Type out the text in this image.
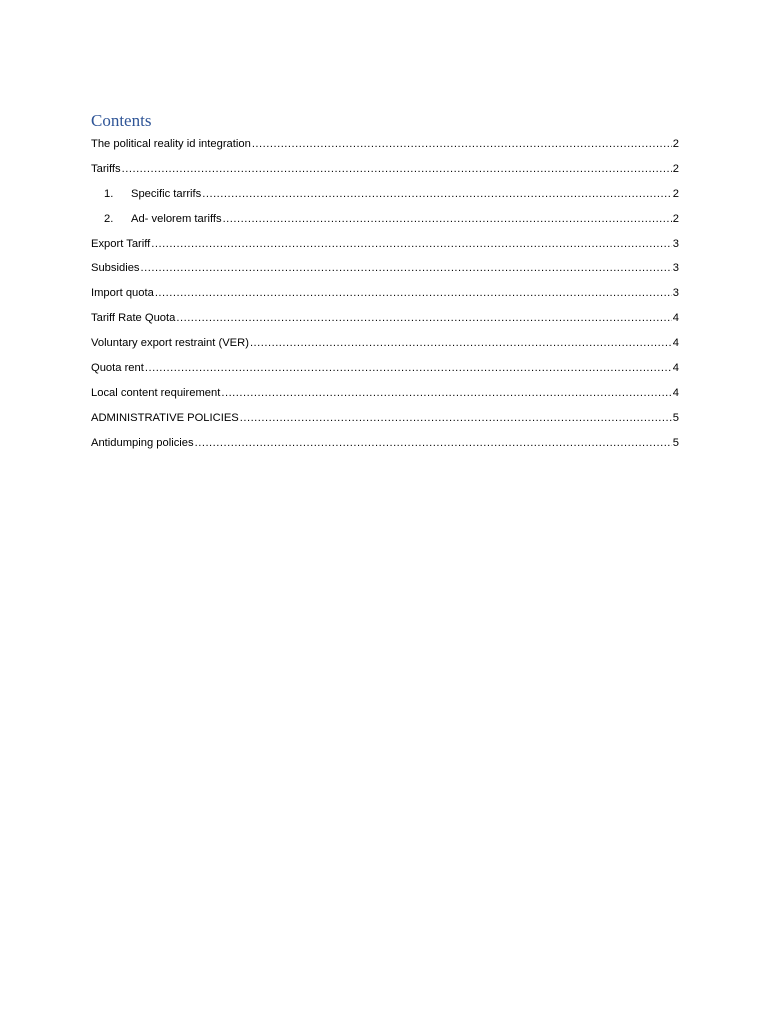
Contents
The political reality id integration .....	2
Tariffs .....	2
1.	Specific tarrifs .....	2
2.	Ad- velorem tariffs .....	2
Export Tariff .....	3
Subsidies .....	3
Import quota .....	3
Tariff Rate Quota .....	4
Voluntary export restraint (VER) .....	4
Quota rent .....	4
Local content requirement .....	4
ADMINISTRATIVE POLICIES .....	5
Antidumping policies .....	5
